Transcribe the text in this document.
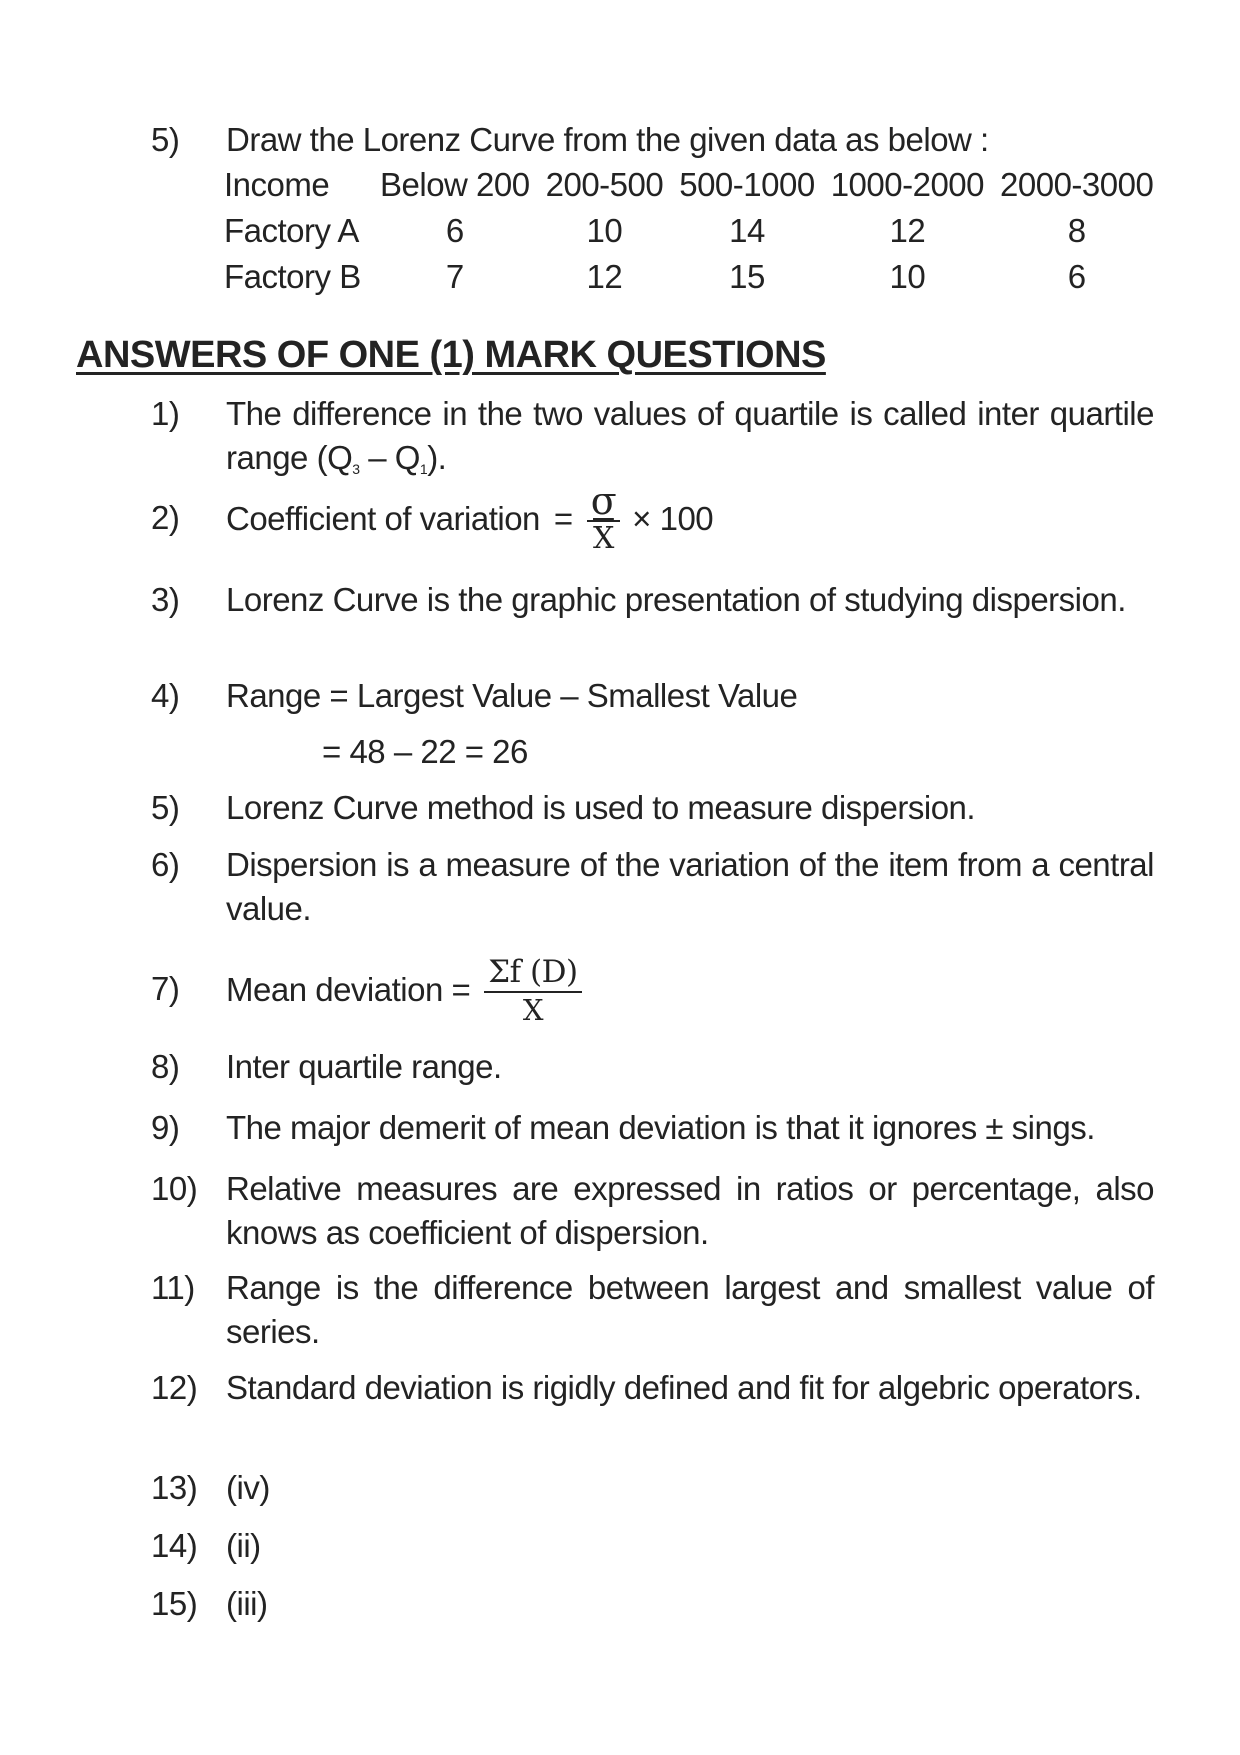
5) Draw the Lorenz Curve from the given data as below :
Income	Below 200	200-500	500-1000	1000-2000	2000-3000
Factory A	6	10	14	12	8
Factory B	7	12	15	10	6
ANSWERS OF ONE (1) MARK QUESTIONS
1) The difference in the two values of quartile is called inter quartile range $(Q_3 - Q_1)$.
2) Coefficient of variation = $\frac{\sigma}{X} \times 100$
3) Lorenz Curve is the graphic presentation of studying dispersion.
4) Range = Largest Value – Smallest Value
= 48 – 22 = 26
5) Lorenz Curve method is used to measure dispersion.
6) Dispersion is a measure of the variation of the item from a central value.
7) Mean deviation = $\frac{\Sigma f (D)}{X}$
8) Inter quartile range.
9) The major demerit of mean deviation is that it ignores ± sings.
10) Relative measures are expressed in ratios or percentage, also knows as coefficient of dispersion.
11) Range is the difference between largest and smallest value of series.
12) Standard deviation is rigidly defined and fit for algebric operators.
13) (iv)
14) (ii)
15) (iii)
